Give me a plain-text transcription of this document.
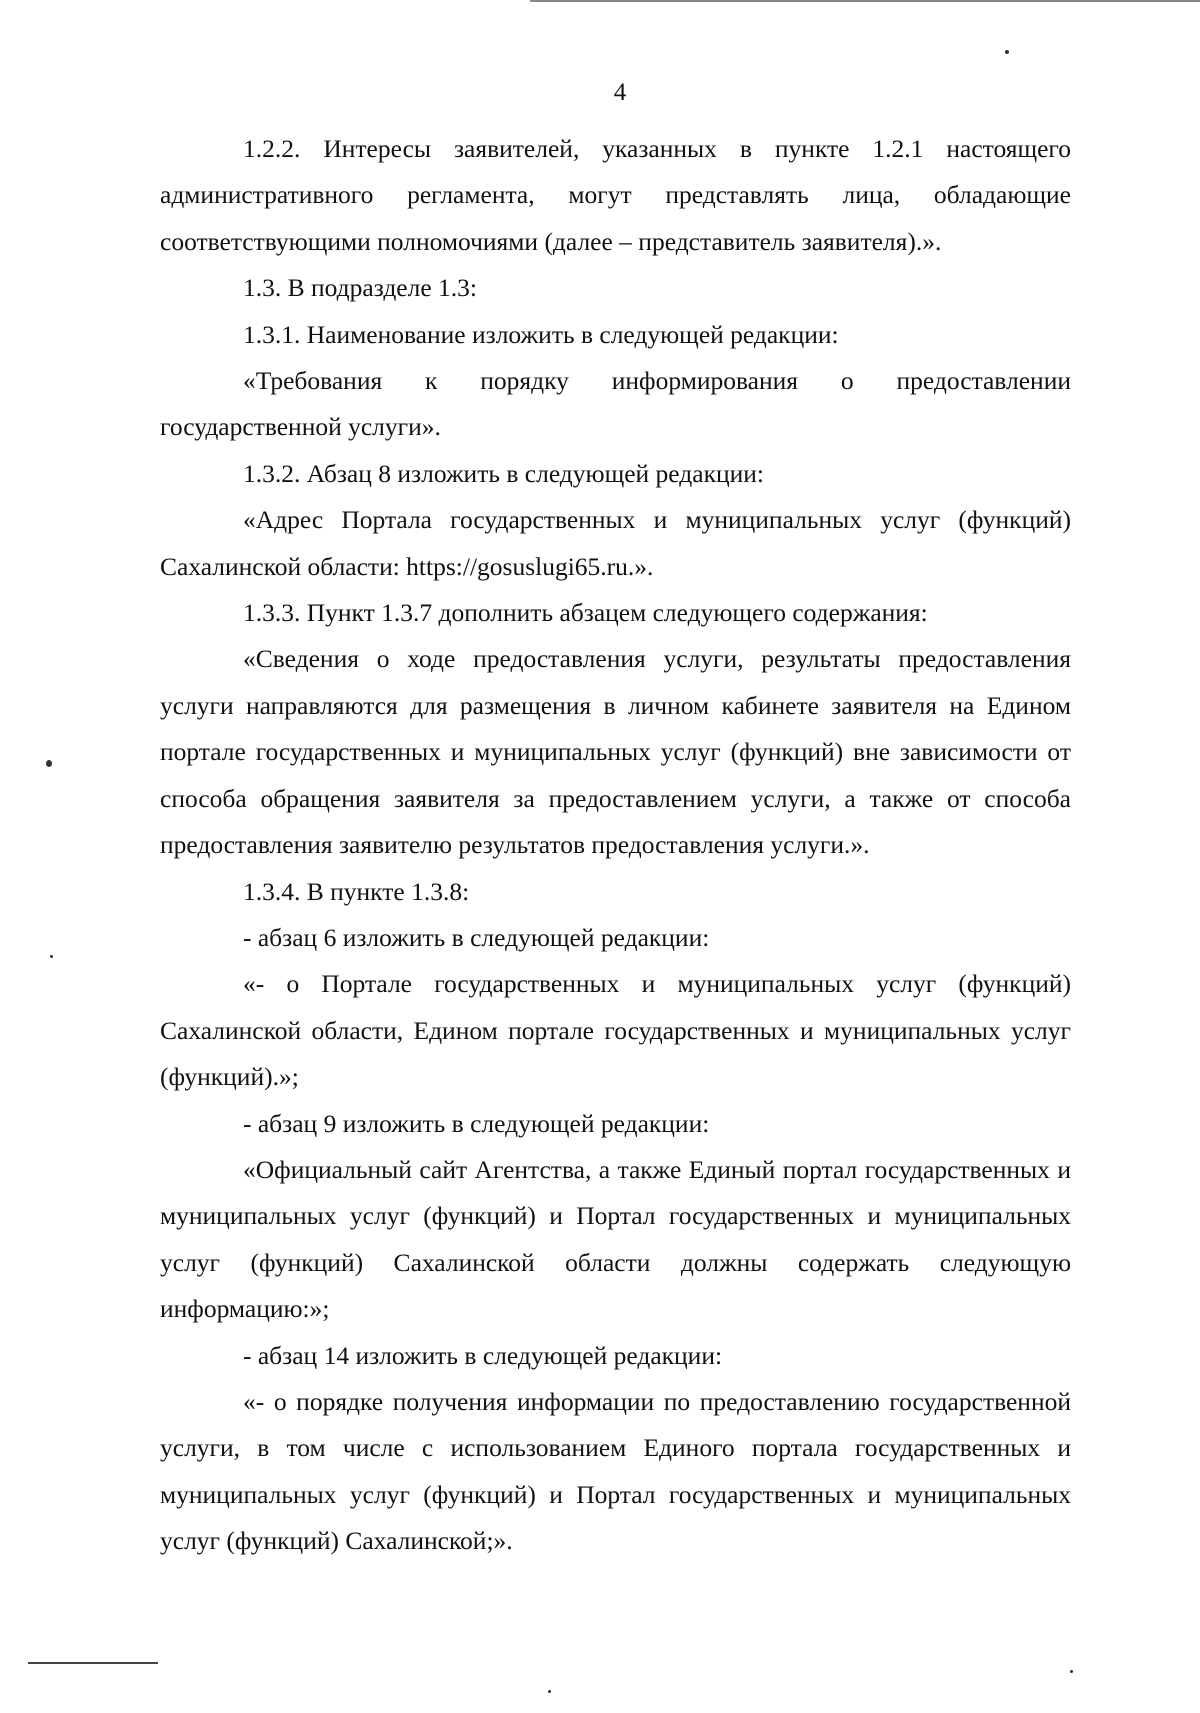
4

1.2.2. Интересы заявителей, указанных в пункте 1.2.1 настоящего административного регламента, могут представлять лица, обладающие соответствующими полномочиями (далее – представитель заявителя).».

1.3. В подразделе 1.3:

1.3.1. Наименование изложить в следующей редакции:

«Требования к порядку информирования о предоставлении государственной услуги».

1.3.2. Абзац 8 изложить в следующей редакции:

«Адрес Портала государственных и муниципальных услуг (функций) Сахалинской области: https://gosuslugi65.ru.».

1.3.3. Пункт 1.3.7 дополнить абзацем следующего содержания:

«Сведения о ходе предоставления услуги, результаты предоставления услуги направляются для размещения в личном кабинете заявителя на Едином портале государственных и муниципальных услуг (функций) вне зависимости от способа обращения заявителя за предоставлением услуги, а также от способа предоставления заявителю результатов предоставления услуги.».

1.3.4. В пункте 1.3.8:

- абзац 6 изложить в следующей редакции:

«- о Портале государственных и муниципальных услуг (функций) Сахалинской области, Едином портале государственных и муниципальных услуг (функций).»;

- абзац 9 изложить в следующей редакции:

«Официальный сайт Агентства, а также Единый портал государственных и муниципальных услуг (функций) и Портал государственных и муниципальных услуг (функций) Сахалинской области должны содержать следующую информацию:»;

- абзац 14 изложить в следующей редакции:

«- о порядке получения информации по предоставлению государственной услуги, в том числе с использованием Единого портала государственных и муниципальных услуг (функций) и Портал государственных и муниципальных услуг (функций) Сахалинской;».
